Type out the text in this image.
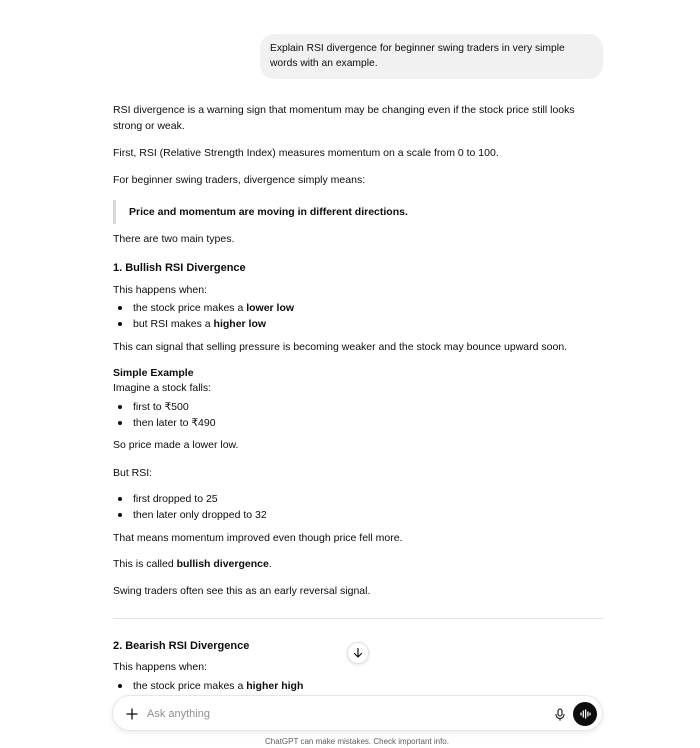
Explain RSI divergence for beginner swing traders in very simple words with an example.
RSI divergence is a warning sign that momentum may be changing even if the stock price still looks strong or weak.
First, RSI (Relative Strength Index) measures momentum on a scale from 0 to 100.
For beginner swing traders, divergence simply means:
Price and momentum are moving in different directions.
There are two main types.
1. Bullish RSI Divergence
This happens when:
the stock price makes a lower low
but RSI makes a higher low
This can signal that selling pressure is becoming weaker and the stock may bounce upward soon.
Simple Example
Imagine a stock falls:
first to ₹500
then later to ₹490
So price made a lower low.
But RSI:
first dropped to 25
then later only dropped to 32
That means momentum improved even though price fell more.
This is called bullish divergence.
Swing traders often see this as an early reversal signal.
2. Bearish RSI Divergence
This happens when:
the stock price makes a higher high
Ask anything
ChatGPT can make mistakes. Check important info.
